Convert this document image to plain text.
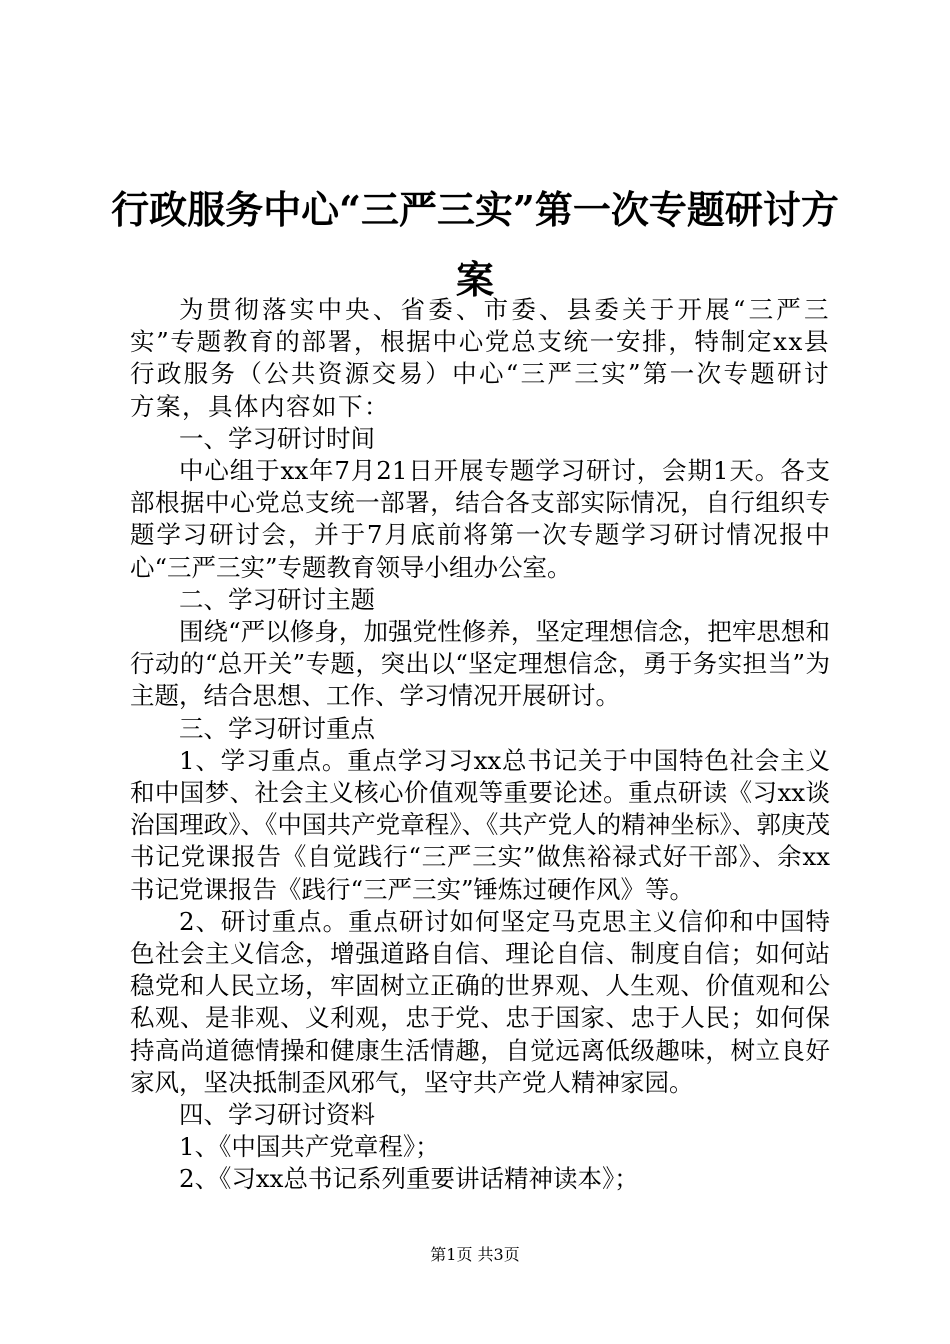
行政服务中心“三严三实”第一次专题研讨方案

为贯彻落实中央、省委、市委、县委关于开展“三严三实”专题教育的部署，根据中心党总支统一安排，特制定xx县行政服务（公共资源交易）中心“三严三实”第一次专题研讨方案，具体内容如下：

一、学习研讨时间

中心组于xx年7月21日开展专题学习研讨，会期1天。各支部根据中心党总支统一部署，结合各支部实际情况，自行组织专题学习研讨会，并于7月底前将第一次专题学习研讨情况报中心“三严三实”专题教育领导小组办公室。

二、学习研讨主题

围绕“严以修身，加强党性修养，坚定理想信念，把牢思想和行动的“总开关”专题，突出以“坚定理想信念，勇于务实担当”为主题，结合思想、工作、学习情况开展研讨。

三、学习研讨重点

1、学习重点。重点学习习xx总书记关于中国特色社会主义和中国梦、社会主义核心价值观等重要论述。重点研读《习xx谈治国理政》、《中国共产党章程》、《共产党人的精神坐标》、郭庚茂书记党课报告《自觉践行“三严三实”做焦裕禄式好干部》、余xx书记党课报告《践行“三严三实”锤炼过硬作风》等。

2、研讨重点。重点研讨如何坚定马克思主义信仰和中国特色社会主义信念，增强道路自信、理论自信、制度自信；如何站稳党和人民立场，牢固树立正确的世界观、人生观、价值观和公私观、是非观、义利观，忠于党、忠于国家、忠于人民；如何保持高尚道德情操和健康生活情趣，自觉远离低级趣味，树立良好家风，坚决抵制歪风邪气，坚守共产党人精神家园。

四、学习研讨资料

1、《中国共产党章程》；

2、《习xx总书记系列重要讲话精神读本》；

第1页 共3页
